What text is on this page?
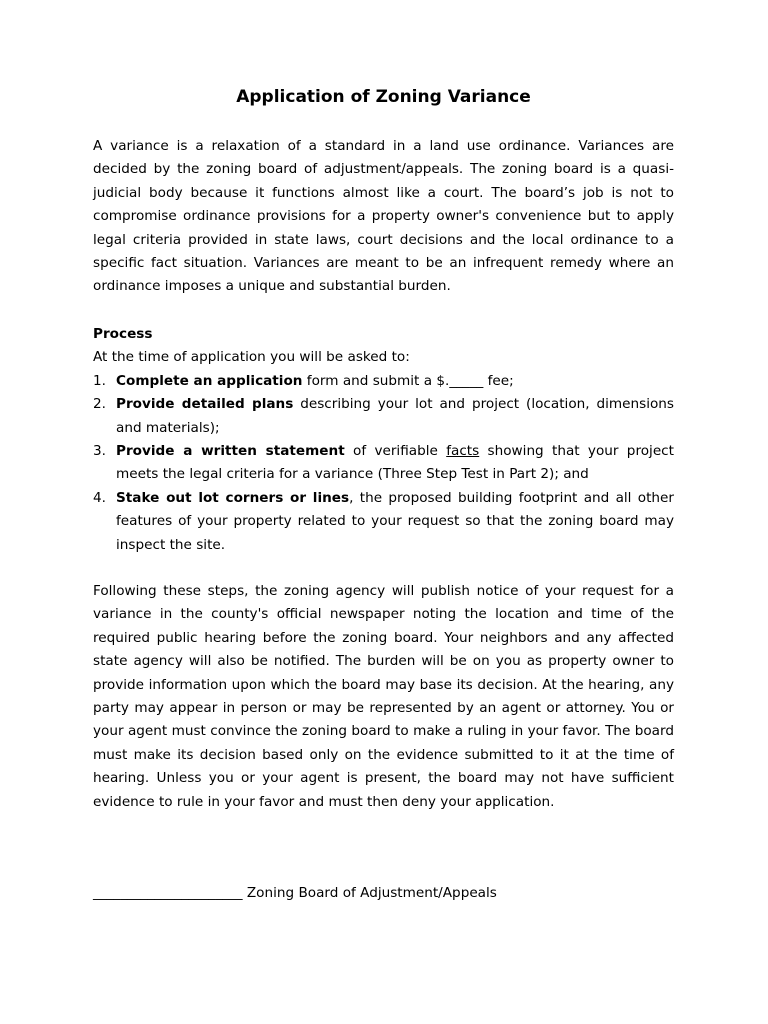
Application of Zoning Variance

A variance is a relaxation of a standard in a land use ordinance. Variances are decided by the zoning board of adjustment/appeals. The zoning board is a quasi-judicial body because it functions almost like a court. The board’s job is not to compromise ordinance provisions for a property owner's convenience but to apply legal criteria provided in state laws, court decisions and the local ordinance to a specific fact situation. Variances are meant to be an infrequent remedy where an ordinance imposes a unique and substantial burden.

Process
At the time of application you will be asked to:
1. Complete an application form and submit a $._____ fee;
2. Provide detailed plans describing your lot and project (location, dimensions and materials);
3. Provide a written statement of verifiable facts showing that your project meets the legal criteria for a variance (Three Step Test in Part 2); and
4. Stake out lot corners or lines, the proposed building footprint and all other features of your property related to your request so that the zoning board may inspect the site.

Following these steps, the zoning agency will publish notice of your request for a variance in the county's official newspaper noting the location and time of the required public hearing before the zoning board. Your neighbors and any affected state agency will also be notified. The burden will be on you as property owner to provide information upon which the board may base its decision. At the hearing, any party may appear in person or may be represented by an agent or attorney. You or your agent must convince the zoning board to make a ruling in your favor. The board must make its decision based only on the evidence submitted to it at the time of hearing. Unless you or your agent is present, the board may not have sufficient evidence to rule in your favor and must then deny your application.

______________________ Zoning Board of Adjustment/Appeals
